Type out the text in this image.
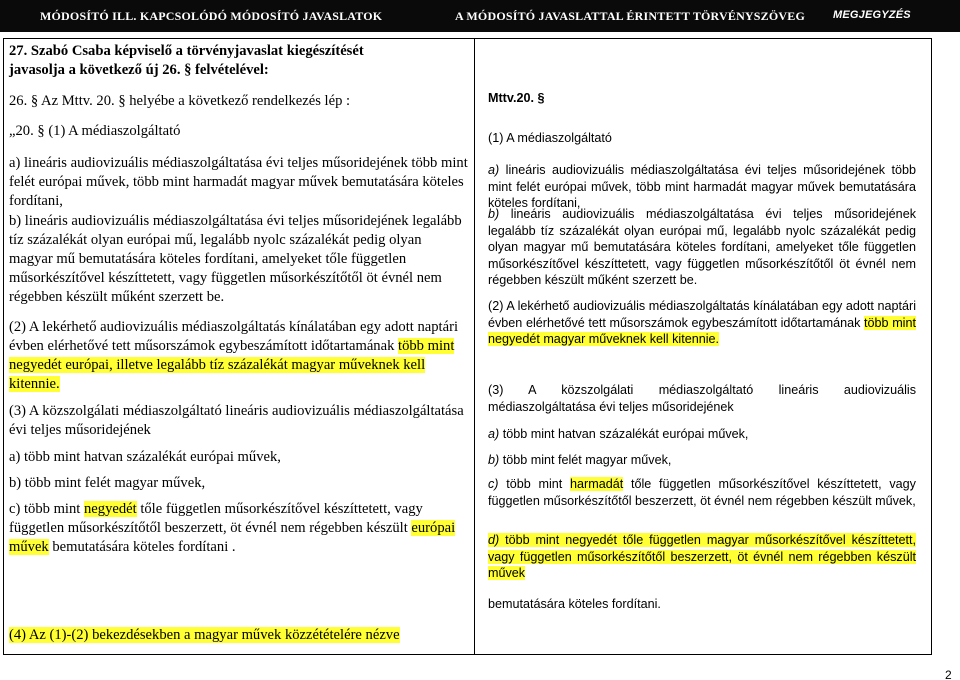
MÓDOSÍTÓ ILL. KAPCSOLÓDÓ MÓDOSÍTÓ JAVASLATOK	A MÓDOSÍTÓ JAVASLATTAL ÉRINTETT TÖRVÉNYSZÖVEG	MEGJEGYZÉS
27. Szabó Csaba képviselő a törvényjavaslat kiegészítését
javasolja a következő új 26. § felvételével:
26. § Az Mttv. 20. § helyébe a következő rendelkezés lép :
„20. § (1) A médiaszolgáltató
a) lineáris audiovizuális médiaszolgáltatása évi teljes műsoridejének több mint felét európai művek, több mint harmadát magyar művek bemutatására köteles fordítani,
b) lineáris audiovizuális médiaszolgáltatása évi teljes műsoridejének legalább tíz százalékát olyan európai mű, legalább nyolc százalékát pedig olyan magyar mű bemutatására köteles fordítani, amelyeket tőle független műsorkészítővel készíttetett, vagy független műsorkészítőtől öt évnél nem régebben készült műként szerzett be.
(2) A lekérhető audiovizuális médiaszolgáltatás kínálatában egy adott naptári évben elérhetővé tett műsorszámok egybeszámított időtartamának több mint negyedét európai, illetve legalább tíz százalékát magyar műveknek kell kitennie.
(3) A közszolgálati médiaszolgáltató lineáris audiovizuális médiaszolgáltatása évi teljes műsoridejének
a) több mint hatvan százalékát európai művek,
b) több mint felét magyar művek,
c) több mint negyedét tőle független műsorkészítővel készíttetett, vagy független műsorkészítőtől beszerzett, öt évnél nem régebben készült európai művek bemutatására köteles fordítani .
(4) Az (1)-(2) bekezdésekben a magyar művek közzétételére nézve
Mttv.20. §
(1) A médiaszolgáltató
a) lineáris audiovizuális médiaszolgáltatása évi teljes műsoridejének több mint felét európai művek, több mint harmadát magyar művek bemutatására köteles fordítani,
b) lineáris audiovizuális médiaszolgáltatása évi teljes műsoridejének legalább tíz százalékát olyan európai mű, legalább nyolc százalékát pedig olyan magyar mű bemutatására köteles fordítani, amelyeket tőle független műsorkészítővel készíttetett, vagy független műsorkészítőtől öt évnél nem régebben készült műként szerzett be.
(2) A lekérhető audiovizuális médiaszolgáltatás kínálatában egy adott naptári évben elérhetővé tett műsorszámok egybeszámított időtartamának több mint negyedét magyar műveknek kell kitennie.
(3) A közszolgálati médiaszolgáltató lineáris audiovizuális médiaszolgáltatása évi teljes műsoridejének
a) több mint hatvan százalékát európai művek,
b) több mint felét magyar művek,
c) több mint harmadát tőle független műsorkészítővel készíttetett, vagy független műsorkészítőtől beszerzett, öt évnél nem régebben készült művek,
d) több mint negyedét tőle független magyar műsorkészítővel készíttetett, vagy független műsorkészítőtől beszerzett, öt évnél nem régebben készült művek
bemutatására köteles fordítani.
2
